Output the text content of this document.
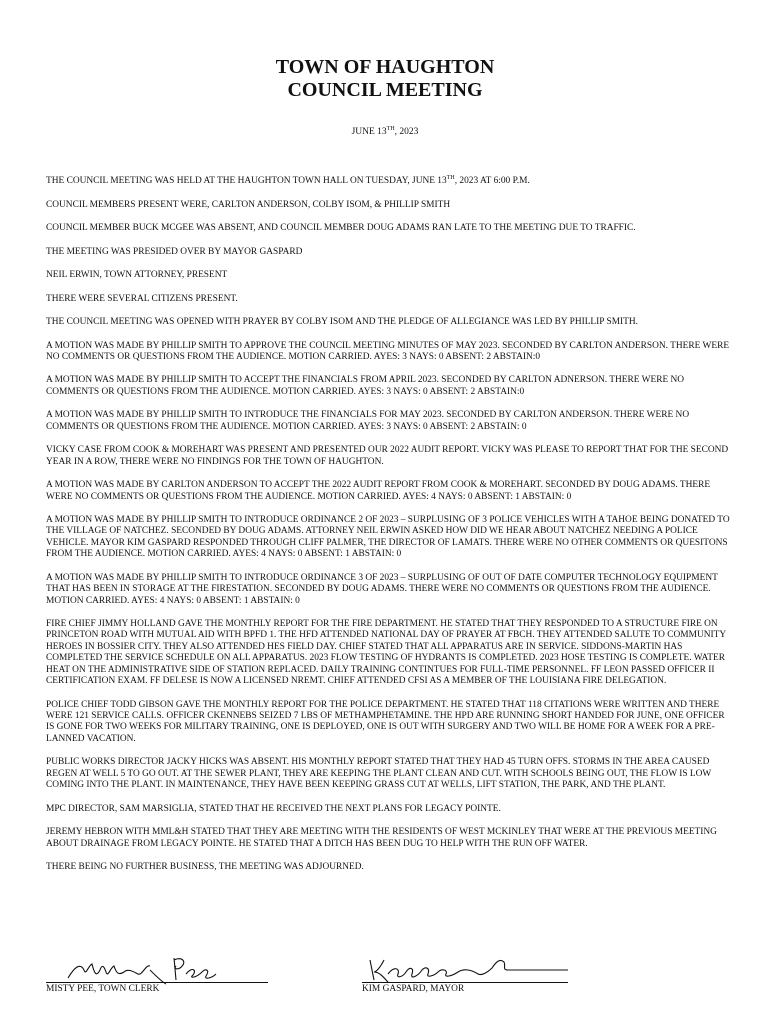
TOWN OF HAUGHTON
COUNCIL MEETING
JUNE 13TH, 2023

THE COUNCIL MEETING WAS HELD AT THE HAUGHTON TOWN HALL ON TUESDAY, JUNE 13TH, 2023 AT 6:00 P.M.

COUNCIL MEMBERS PRESENT WERE, CARLTON ANDERSON, COLBY ISOM, & PHILLIP SMITH

COUNCIL MEMBER BUCK MCGEE WAS ABSENT, AND COUNCIL MEMBER DOUG ADAMS RAN LATE TO THE MEETING DUE TO TRAFFIC.

THE MEETING WAS PRESIDED OVER BY MAYOR GASPARD

NEIL ERWIN, TOWN ATTORNEY, PRESENT

THERE WERE SEVERAL CITIZENS PRESENT.

THE COUNCIL MEETING WAS OPENED WITH PRAYER BY COLBY ISOM AND THE PLEDGE OF ALLEGIANCE WAS LED BY PHILLIP SMITH.

A MOTION WAS MADE BY PHILLIP SMITH TO APPROVE THE COUNCIL MEETING MINUTES OF MAY 2023. SECONDED BY CARLTON ANDERSON. THERE WERE NO COMMENTS OR QUESTIONS FROM THE AUDIENCE. MOTION CARRIED. AYES: 3 NAYS: 0 ABSENT: 2 ABSTAIN:0

A MOTION WAS MADE BY PHILLIP SMITH TO ACCEPT THE FINANCIALS FROM APRIL 2023. SECONDED BY CARLTON ADNERSON. THERE WERE NO COMMENTS OR QUESTIONS FROM THE AUDIENCE. MOTION CARRIED. AYES: 3 NAYS: 0 ABSENT: 2 ABSTAIN:0

A MOTION WAS MADE BY PHILLIP SMITH TO INTRODUCE THE FINANCIALS FOR MAY 2023. SECONDED BY CARLTON ANDERSON. THERE WERE NO COMMENTS OR QUESTIONS FROM THE AUDIENCE. MOTION CARRIED. AYES: 3 NAYS: 0 ABSENT: 2 ABSTAIN: 0

VICKY CASE FROM COOK & MOREHART WAS PRESENT AND PRESENTED OUR 2022 AUDIT REPORT. VICKY WAS PLEASE TO REPORT THAT FOR THE SECOND YEAR IN A ROW, THERE WERE NO FINDINGS FOR THE TOWN OF HAUGHTON.

A MOTION WAS MADE BY CARLTON ANDERSON TO ACCEPT THE 2022 AUDIT REPORT FROM COOK & MOREHART. SECONDED BY DOUG ADAMS. THERE WERE NO COMMENTS OR QUESTIONS FROM THE AUDIENCE. MOTION CARRIED. AYES: 4 NAYS: 0 ABSENT: 1 ABSTAIN: 0

A MOTION WAS MADE BY PHILLIP SMITH TO INTRODUCE ORDINANCE 2 OF 2023 – SURPLUSING OF 3 POLICE VEHICLES WITH A TAHOE BEING DONATED TO THE VILLAGE OF NATCHEZ. SECONDED BY DOUG ADAMS. ATTORNEY NEIL ERWIN ASKED HOW DID WE HEAR ABOUT NATCHEZ NEEDING A POLICE VEHICLE. MAYOR KIM GASPARD RESPONDED THROUGH CLIFF PALMER, THE DIRECTOR OF LAMATS. THERE WERE NO OTHER COMMENTS OR QUESITONS FROM THE AUDIENCE. MOTION CARRIED. AYES: 4 NAYS: 0 ABSENT: 1 ABSTAIN: 0

A MOTION WAS MADE BY PHILLIP SMITH TO INTRODUCE ORDINANCE 3 OF 2023 – SURPLUSING OF OUT OF DATE COMPUTER TECHNOLOGY EQUIPMENT THAT HAS BEEN IN STORAGE AT THE FIRESTATION. SECONDED BY DOUG ADAMS. THERE WERE NO COMMENTS OR QUESTIONS FROM THE AUDIENCE. MOTION CARRIED. AYES: 4 NAYS: 0 ABSENT: 1 ABSTAIN: 0

FIRE CHIEF JIMMY HOLLAND GAVE THE MONTHLY REPORT FOR THE FIRE DEPARTMENT. HE STATED THAT THEY RESPONDED TO A STRUCTURE FIRE ON PRINCETON ROAD WITH MUTUAL AID WITH BPFD 1. THE HFD ATTENDED NATIONAL DAY OF PRAYER AT FBCH. THEY ATTENDED SALUTE TO COMMUNITY HEROES IN BOSSIER CITY. THEY ALSO ATTENDED HES FIELD DAY. CHIEF STATED THAT ALL APPARATUS ARE IN SERVICE. SIDDONS-MARTIN HAS COMPLETED THE SERVICE SCHEDULE ON ALL APPARATUS. 2023 FLOW TESTING OF HYDRANTS IS COMPLETED. 2023 HOSE TESTING IS COMPLETE. WATER HEAT ON THE ADMINISTRATIVE SIDE OF STATION REPLACED. DAILY TRAINING CONTINTUES FOR FULL-TIME PERSONNEL. FF LEON PASSED OFFICER II CERTIFICATION EXAM. FF DELESE IS NOW A LICENSED NREMT. CHIEF ATTENDED CFSI AS A MEMBER OF THE LOUISIANA FIRE DELEGATION.

POLICE CHIEF TODD GIBSON GAVE THE MONTHLY REPORT FOR THE POLICE DEPARTMENT. HE STATED THAT 118 CITATIONS WERE WRITTEN AND THERE WERE 121 SERVICE CALLS. OFFICER CKENNEBS SEIZED 7 LBS OF METHAMPHETAMINE. THE HPD ARE RUNNING SHORT HANDED FOR JUNE, ONE OFFICER IS GONE FOR TWO WEEKS FOR MILITARY TRAINING, ONE IS DEPLOYED, ONE IS OUT WITH SURGERY AND TWO WILL BE HOME FOR A WEEK FOR A PRE-LANNED VACATION.

PUBLIC WORKS DIRECTOR JACKY HICKS WAS ABSENT. HIS MONTHLY REPORT STATED THAT THEY HAD 45 TURN OFFS. STORMS IN THE AREA CAUSED REGEN AT WELL 5 TO GO OUT. AT THE SEWER PLANT, THEY ARE KEEPING THE PLANT CLEAN AND CUT. WITH SCHOOLS BEING OUT, THE FLOW IS LOW COMING INTO THE PLANT. IN MAINTENANCE, THEY HAVE BEEN KEEPING GRASS CUT AT WELLS, LIFT STATION, THE PARK, AND THE PLANT.

MPC DIRECTOR, SAM MARSIGLIA, STATED THAT HE RECEIVED THE NEXT PLANS FOR LEGACY POINTE.

JEREMY HEBRON WITH MML&H STATED THAT THEY ARE MEETING WITH THE RESIDENTS OF WEST MCKINLEY THAT WERE AT THE PREVIOUS MEETING ABOUT DRAINAGE FROM LEGACY POINTE. HE STATED THAT A DITCH HAS BEEN DUG TO HELP WITH THE RUN OFF WATER.

THERE BEING NO FURTHER BUSINESS, THE MEETING WAS ADJOURNED.

MISTY PEE, TOWN CLERK	KIM GASPARD, MAYOR
